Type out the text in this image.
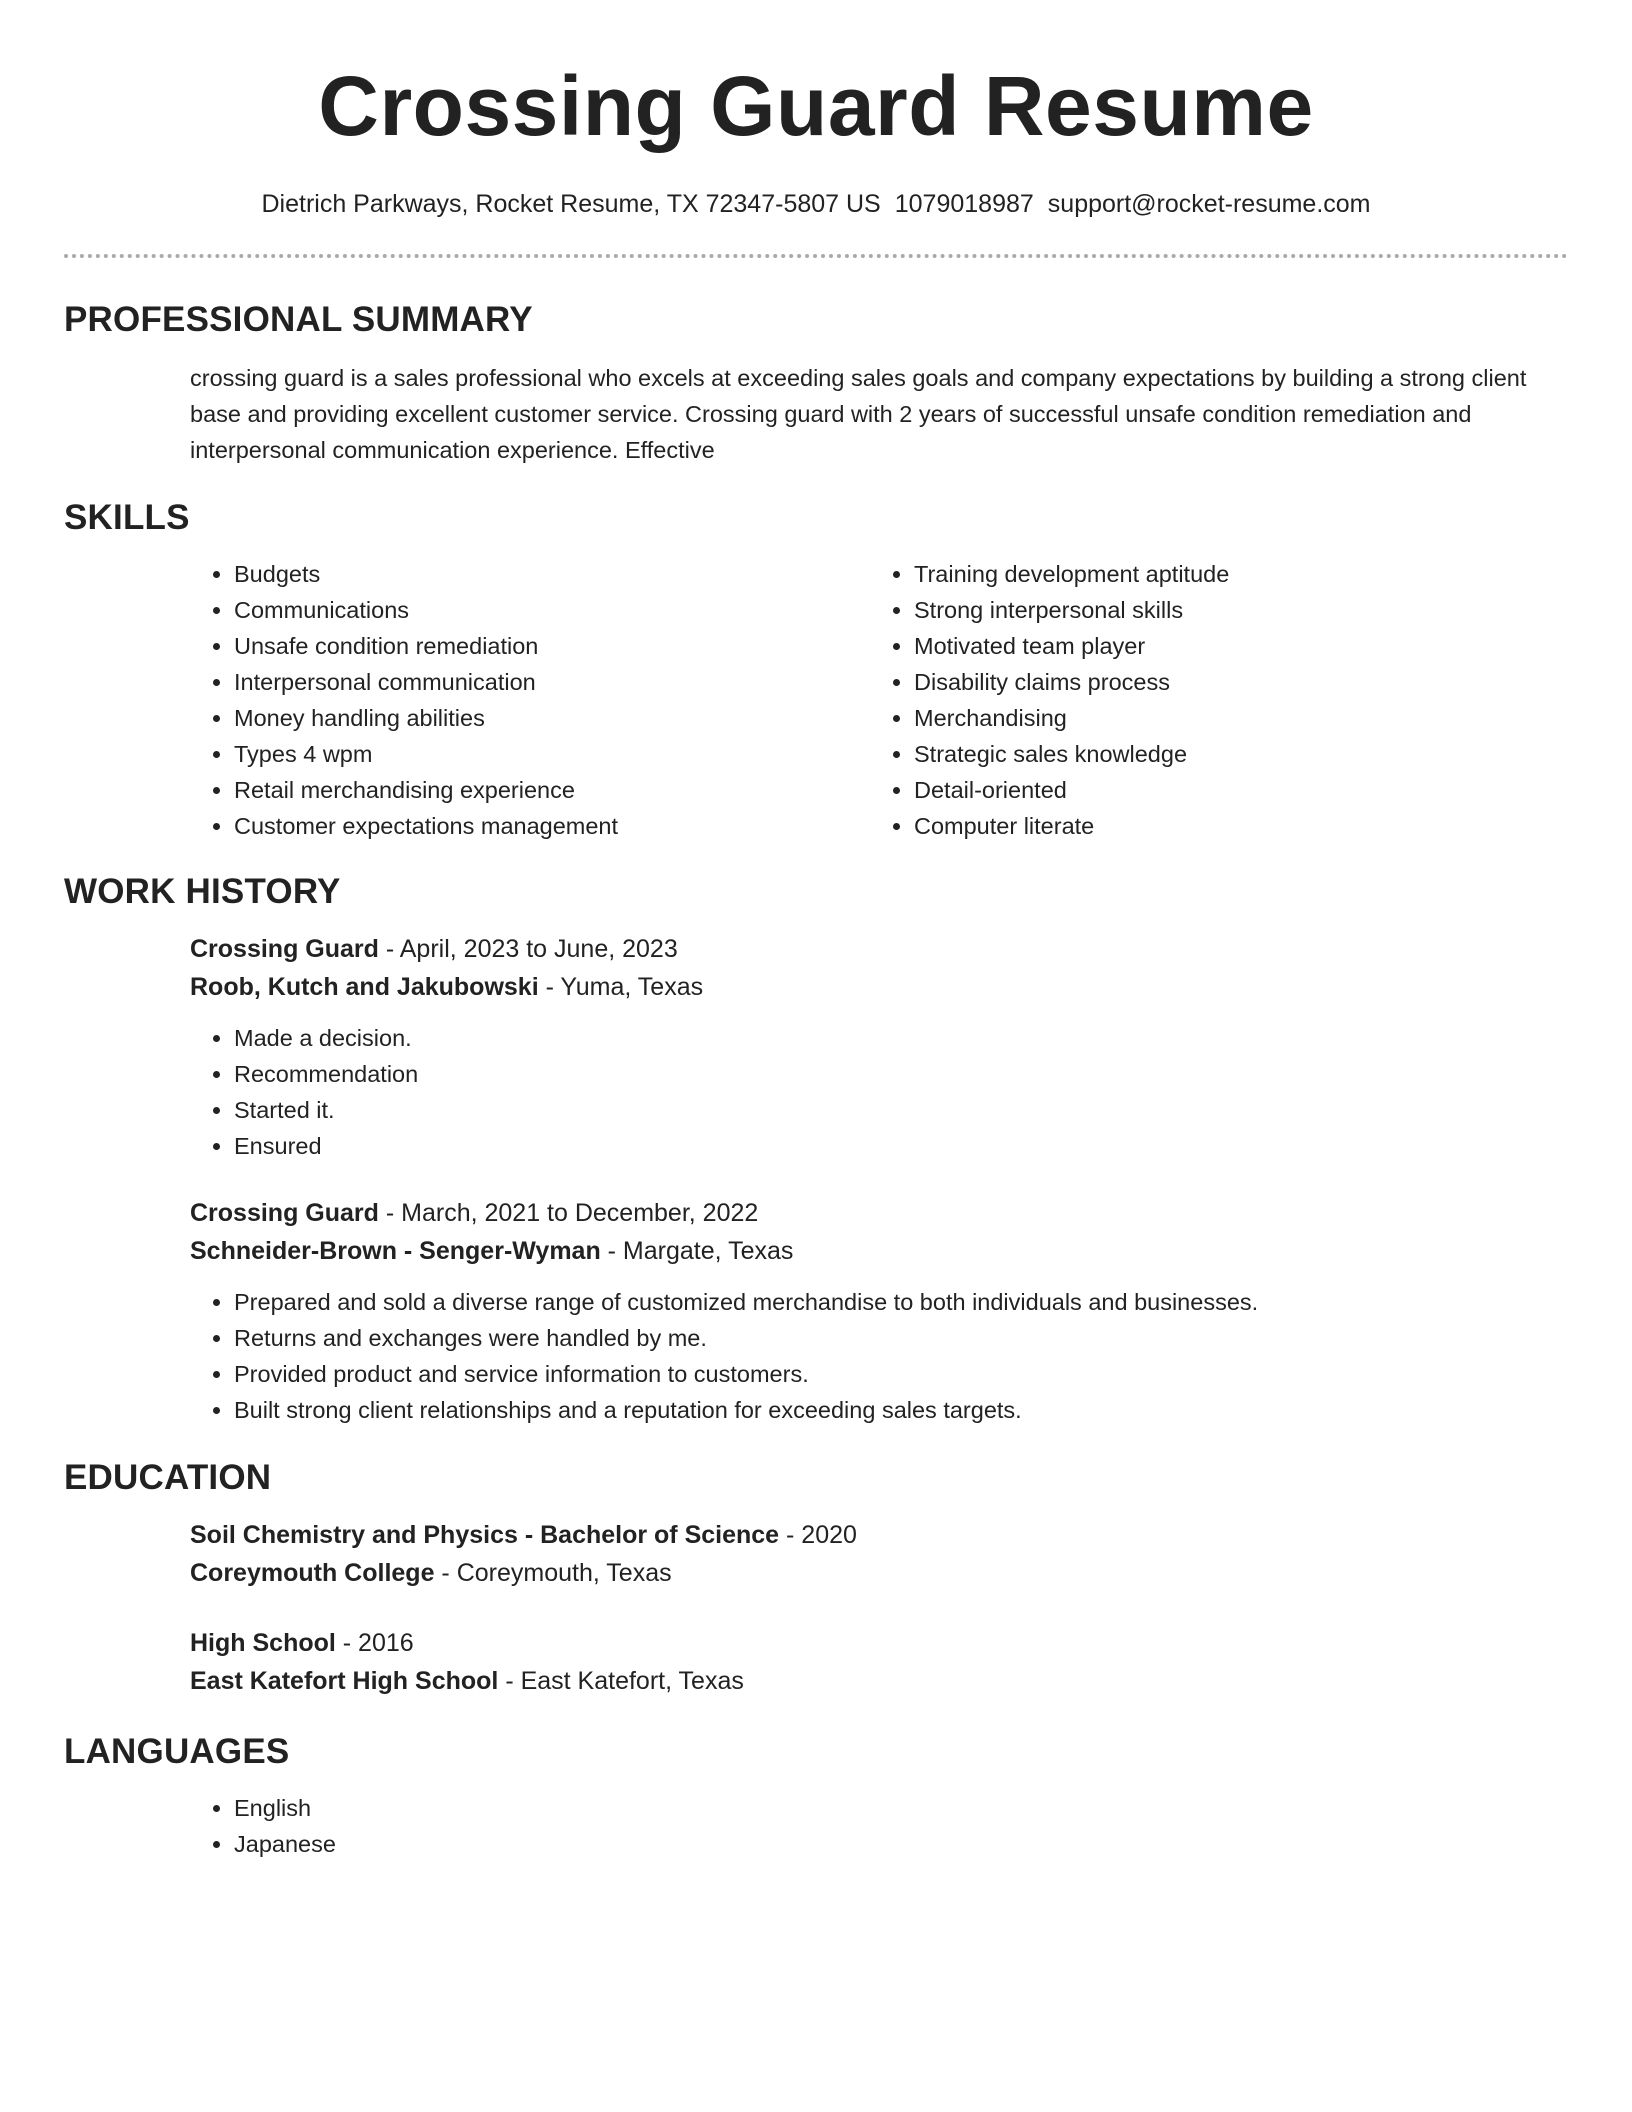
Crossing Guard Resume
Dietrich Parkways, Rocket Resume, TX 72347-5807 US 1079018987 support@rocket-resume.com
PROFESSIONAL SUMMARY

crossing guard is a sales professional who excels at exceeding sales goals and company expectations by building a strong client base and providing excellent customer service. Crossing guard with 2 years of successful unsafe condition remediation and interpersonal communication experience. Effective

SKILLS
• Budgets
• Communications
• Unsafe condition remediation
• Interpersonal communication
• Money handling abilities
• Types 4 wpm
• Retail merchandising experience
• Customer expectations management
• Training development aptitude
• Strong interpersonal skills
• Motivated team player
• Disability claims process
• Merchandising
• Strategic sales knowledge
• Detail-oriented
• Computer literate
WORK HISTORY
Crossing Guard - April, 2023 to June, 2023
Roob, Kutch and Jakubowski - Yuma, Texas
• Made a decision.
• Recommendation
• Started it.
• Ensured
Crossing Guard - March, 2021 to December, 2022
Schneider-Brown - Senger-Wyman - Margate, Texas
• Prepared and sold a diverse range of customized merchandise to both individuals and businesses.
• Returns and exchanges were handled by me.
• Provided product and service information to customers.
• Built strong client relationships and a reputation for exceeding sales targets.
EDUCATION
Soil Chemistry and Physics - Bachelor of Science - 2020
Coreymouth College - Coreymouth, Texas
High School - 2016
East Katefort High School - East Katefort, Texas
LANGUAGES
• English
• Japanese
